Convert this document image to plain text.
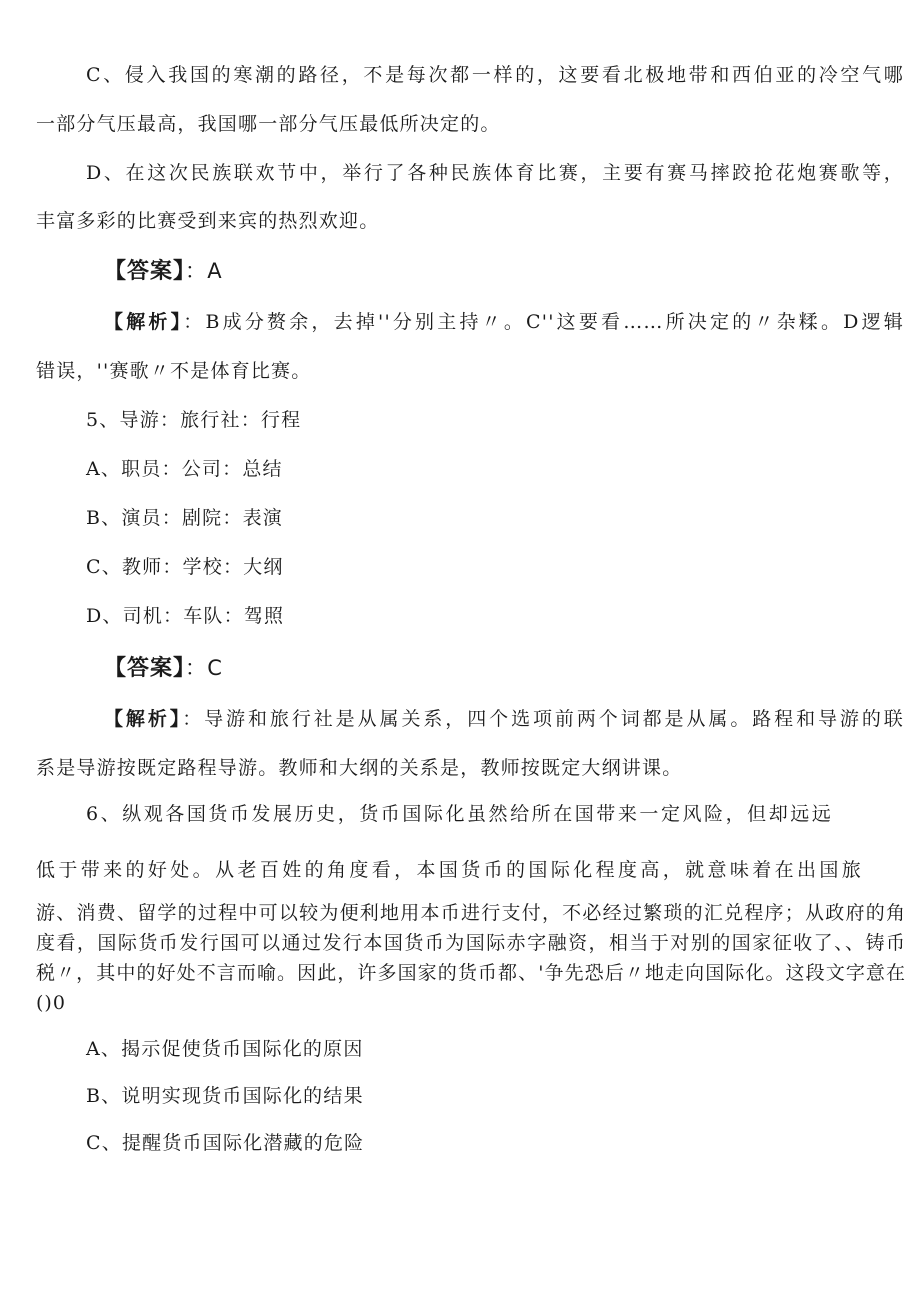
C、侵入我国的寒潮的路径，不是每次都一样的，这要看北极地带和西伯亚的冷空气哪
一部分气压最高，我国哪一部分气压最低所决定的。
D、在这次民族联欢节中，举行了各种民族体育比赛，主要有赛马摔跤抢花炮赛歌等，
丰富多彩的比赛受到来宾的热烈欢迎。
【答案】：A
【解析】：B成分赘余，去掉''分别主持〃。C''这要看……所决定的〃杂糅。D逻辑
错误，''赛歌〃不是体育比赛。
5、导游：旅行社：行程
A、职员：公司：总结
B、演员：剧院：表演
C、教师：学校：大纲
D、司机：车队：驾照
【答案】：C
【解析】：导游和旅行社是从属关系，四个选项前两个词都是从属。路程和导游的联
系是导游按既定路程导游。教师和大纲的关系是，教师按既定大纲讲课。
6、纵观各国货币发展历史，货币国际化虽然给所在国带来一定风险，但却远远
低于带来的好处。从老百姓的角度看，本国货币的国际化程度高，就意味着在出国旅
游、消费、留学的过程中可以较为便利地用本币进行支付，不必经过繁琐的汇兑程序；从政府的角度看，国际货币发行国可以通过发行本国货币为国际赤字融资，相当于对别的国家征收了、、铸币税〃，其中的好处不言而喻。因此，许多国家的货币都、'争先恐后〃地走向国际化。这段文字意在()0
A、揭示促使货币国际化的原因
B、说明实现货币国际化的结果
C、提醒货币国际化潜藏的危险
